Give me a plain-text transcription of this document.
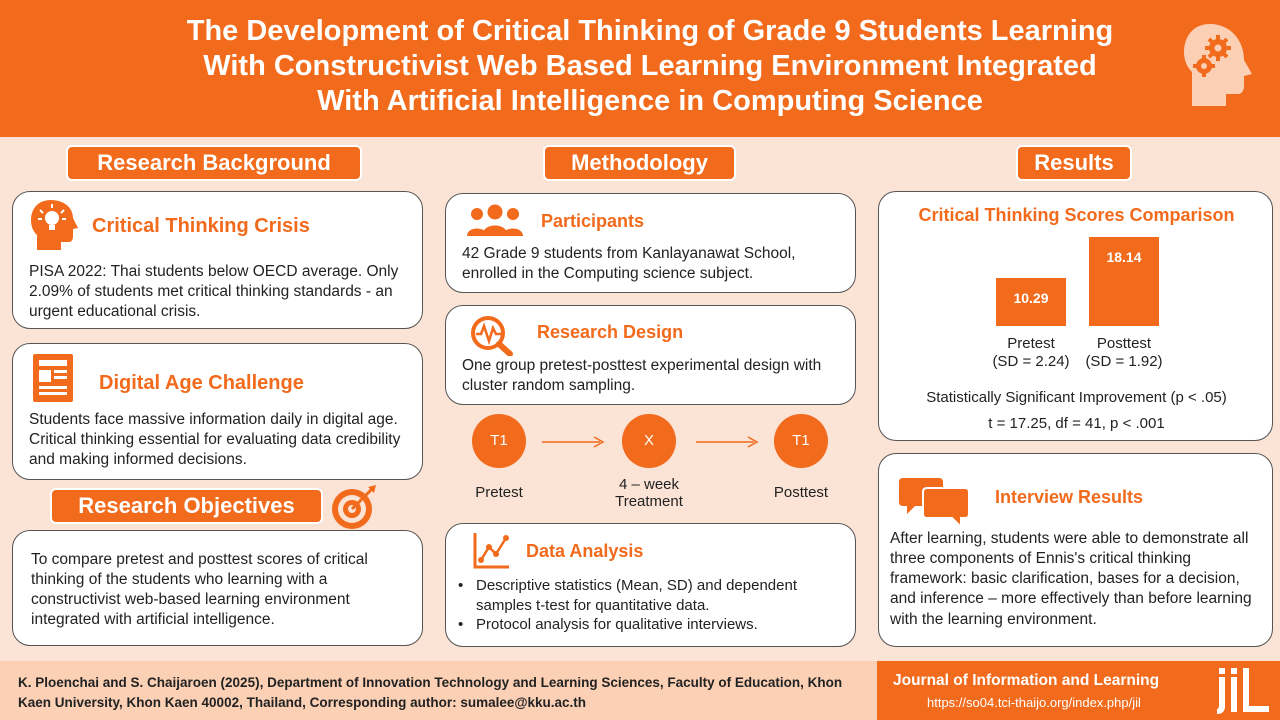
The Development of Critical Thinking of Grade 9 Students Learning
With Constructivist Web Based Learning Environment Integrated
With Artificial Intelligence in Computing Science
Research Background	Methodology	Results
Critical Thinking Crisis
PISA 2022: Thai students below OECD average. Only 2.09% of students met critical thinking standards - an urgent educational crisis.
Digital Age Challenge
Students face massive information daily in digital age. Critical thinking essential for evaluating data credibility and making informed decisions.
Research Objectives
To compare pretest and posttest scores of critical thinking of the students who learning with a constructivist web-based learning environment integrated with artificial intelligence.
Participants
42 Grade 9 students from Kanlayanawat School, enrolled in the Computing science subject.
Research Design
One group pretest-posttest experimental design with cluster random sampling.
T1	X	T1
Pretest	4 – week
Treatment	Posttest
Data Analysis
• Descriptive statistics (Mean, SD) and dependent samples t-test for quantitative data.
• Protocol analysis for qualitative interviews.
Critical Thinking Scores Comparison
10.29
Pretest
(SD = 2.24)
18.14
Posttest
(SD = 1.92)
Statistically Significant Improvement (p < .05)
t = 17.25, df = 41, p < .001
Interview Results
After learning, students were able to demonstrate all three components of Ennis's critical thinking framework: basic clarification, bases for a decision, and inference – more effectively than before learning with the learning environment.
K. Ploenchai and S. Chaijaroen (2025), Department of Innovation Technology and Learning Sciences, Faculty of Education, Khon Kaen University, Khon Kaen 40002, Thailand, Corresponding author: sumalee@kku.ac.th
Journal of Information and Learning
https://so04.tci-thaijo.org/index.php/jil
